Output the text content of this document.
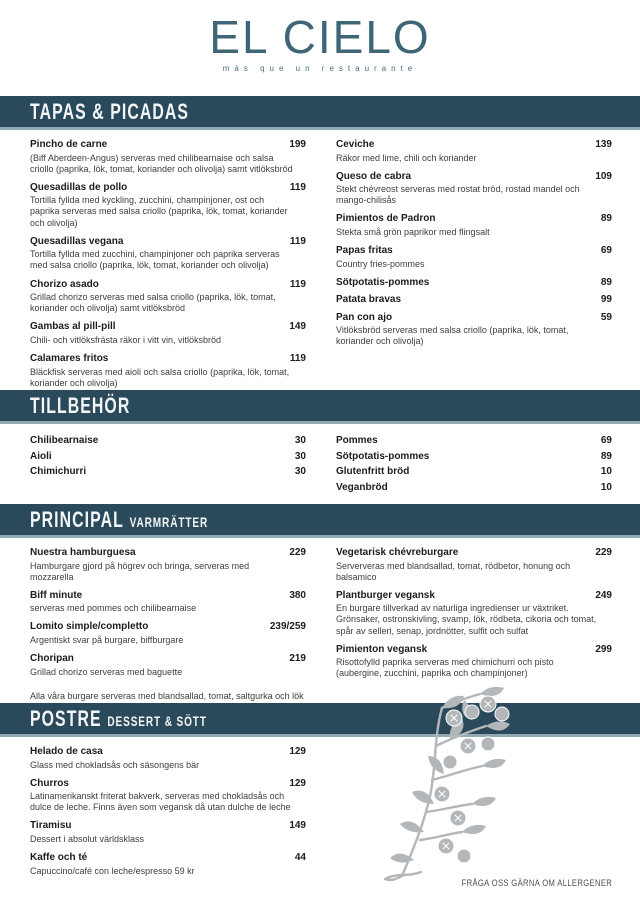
EL CIELO
más que un restaurante
TAPAS & PICADAS
Pincho de carne	199

(Biff Aberdeen-Angus) serveras med chilibearnaise och salsa criollo (paprika, lök, tomat, koriander och olivolja) samt vitlöksbröd

Quesadillas de pollo	119

Tortilla fyllda med kyckling, zucchini, champinjoner, ost och paprika serveras med salsa criollo (paprika, lök, tomat, koriander och olivolja)

Quesadillas vegana	119

Tortilla fyllda med zucchini, champinjoner och paprika serveras med salsa criollo (paprika, lök, tomat, koriander och olivolja)

Chorizo asado	119

Grillad chorizo serveras med salsa criollo (paprika, lök, tomat, koriander och olivolja) samt vitlöksbröd

Gambas al pill-pill	149

Chili- och vitlöksfrästa räkor i vitt vin, vitlöksbröd

Calamares fritos	119

Bläckfisk serveras med aioli och salsa criollo (paprika, lök, tomat, koriander och olivolja)

Ceviche	139

Räkor med lime, chili och koriander

Queso de cabra	109

Stekt chévreost serveras med rostat bröd, rostad mandel och mango-chilisås

Pimientos de Padron	89

Stekta små grön paprikor med flingsalt

Papas fritas	69

Country fries-pommes

Sötpotatis-pommes	89
Patata bravas	99
Pan con ajo	59

Vitlöksbröd serveras med salsa criollo (paprika, lök, tomat, koriander och olivolja)

TILLBEHÖR
Chilibearnaise	30
Aioli	30
Chimichurri	30
Pommes	69
Sötpotatis-pommes	89
Glutenfritt bröd	10
Veganbröd	10
PRINCIPAL VARMRÄTTER
Nuestra hamburguesa	229

Hamburgare gjord på högrev och bringa, serveras med mozzarella

Biff minute	380

serveras med pommes och chilibearnaise

Lomito simple/completto	239/259

Argentiskt svar på burgare, biffburgare

Choripan	219

Grillad chorizo serveras med baguette

Alla våra burgare serveras med blandsallad, tomat, saltgurka och lök

Vegetarisk chévreburgare	229

Serververas med blandsallad, tomat, rödbetor, honung och balsamico

Plantburger vegansk	249

En burgare tillverkad av naturliga ingredienser ur växtriket. Grönsaker, ostronskivling, svamp, lök, rödbeta, cikoria och tomat, spår av selleri, senap, jordnötter, sulfit och sulfat

Pimienton vegansk	299

Risottofylld paprika serveras med chimichurri och pisto (aubergine, zucchini, paprika och champinjoner)

POSTRE DESSERT & SÖTT
Helado de casa	129

Glass med chokladsås och säsongens bär

Churros	129

Latinamerikanskt friterat bakverk, serveras med chokladsås och dulce de leche. Finns även som vegansk då utan dulche de leche

Tiramisu	149

Dessert i absolut världsklass

Kaffe och té	44

Capuccino/café con leche/espresso 59 kr

FRÅGA OSS GÄRNA OM ALLERGENER
